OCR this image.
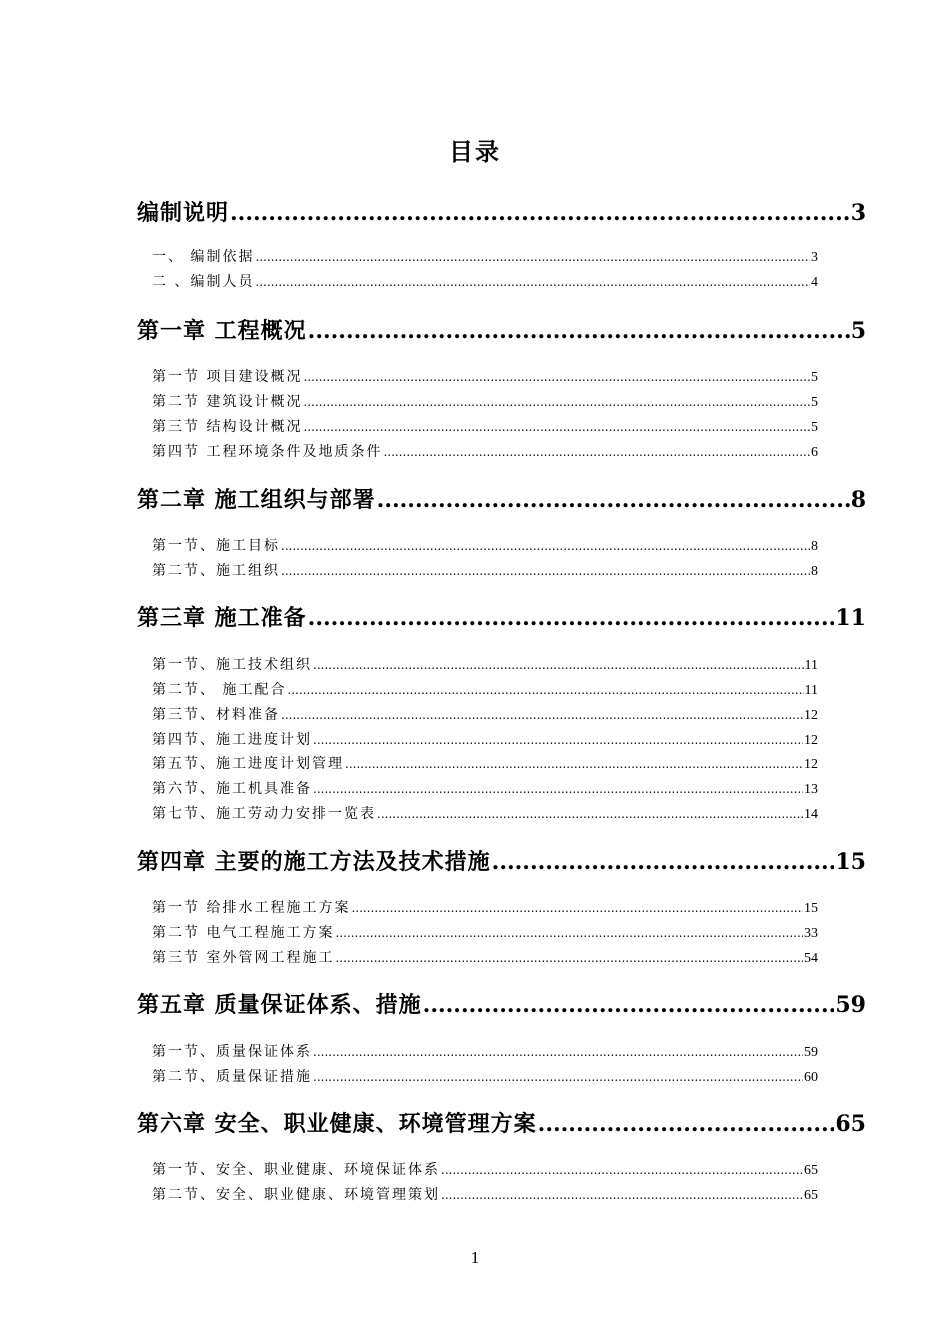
目录
编制说明 .....	3
一、 编制依据 .....	3
二 、编制人员 .....	4
第一章 工程概况 .....	5
第一节 项目建设概况 .....	5
第二节 建筑设计概况 .....	5
第三节 结构设计概况 .....	5
第四节 工程环境条件及地质条件 .....	6
第二章 施工组织与部署 .....	8
第一节、施工目标 .....	8
第二节、施工组织 .....	8
第三章 施工准备 .....	11
第一节、施工技术组织 .....	11
第二节、 施工配合 .....	11
第三节、材料准备 .....	12
第四节、施工进度计划 .....	12
第五节、施工进度计划管理 .....	12
第六节、施工机具准备 .....	13
第七节、施工劳动力安排一览表 .....	14
第四章 主要的施工方法及技术措施 .....	15
第一节 给排水工程施工方案 .....	15
第二节 电气工程施工方案 .....	33
第三节 室外管网工程施工 .....	54
第五章 质量保证体系、措施 .....	59
第一节、质量保证体系 .....	59
第二节、质量保证措施 .....	60
第六章 安全、职业健康、环境管理方案 .....	65
第一节、安全、职业健康、环境保证体系 .....	65
第二节、安全、职业健康、环境管理策划 .....	65
1
